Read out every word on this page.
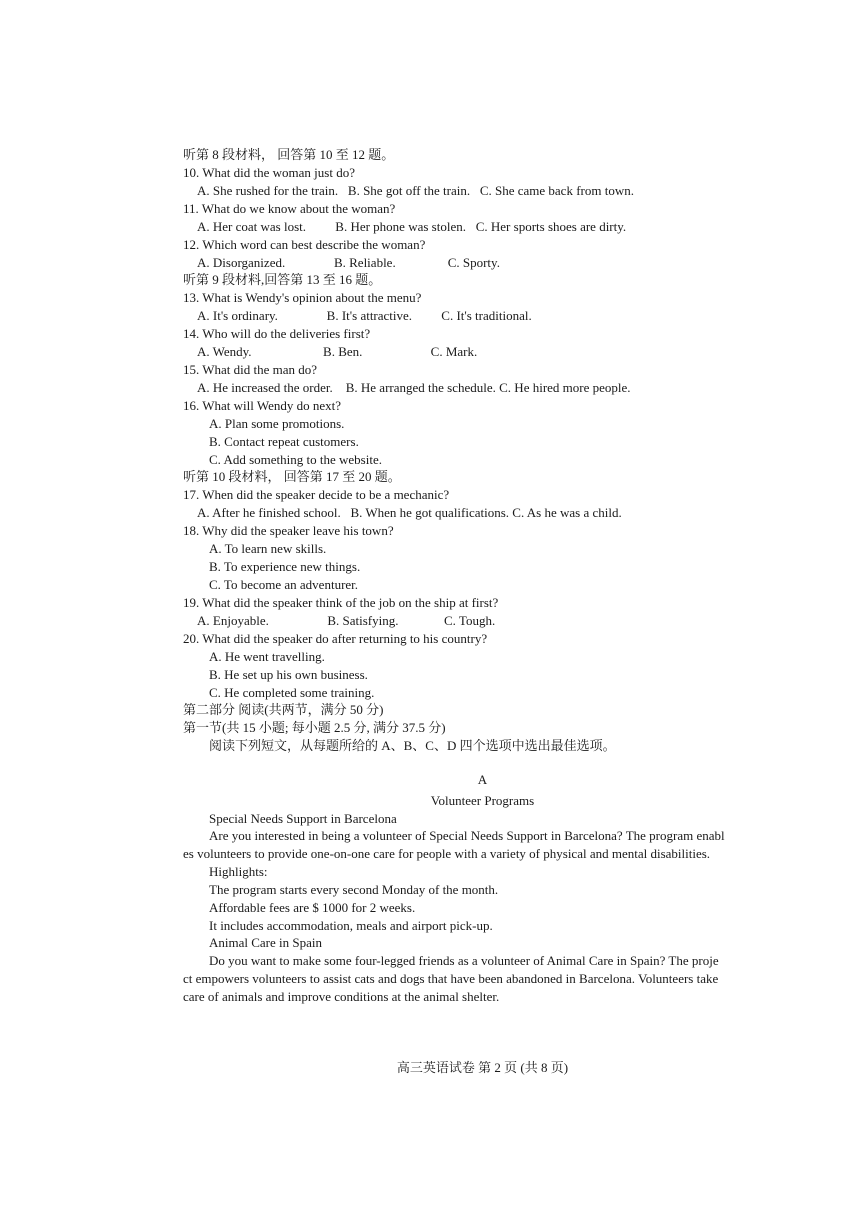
听第 8 段材料， 回答第 10 至 12 题。
10. What did the woman just do?
A. She rushed for the train.   B. She got off the train.   C. She came back from town.
11. What do we know about the woman?
A. Her coat was lost.         B. Her phone was stolen.   C. Her sports shoes are dirty.
12. Which word can best describe the woman?
A. Disorganized.               B. Reliable.                C. Sporty.
听第 9 段材料,回答第 13 至 16 题。
13. What is Wendy's opinion about the menu?
A. It's ordinary.               B. It's attractive.         C. It's traditional.
14. Who will do the deliveries first?
A. Wendy.                      B. Ben.                     C. Mark.
15. What did the man do?
A. He increased the order.    B. He arranged the schedule. C. He hired more people.
16. What will Wendy do next?
A. Plan some promotions.
B. Contact repeat customers.
C. Add something to the website.
听第 10 段材料， 回答第 17 至 20 题。
17. When did the speaker decide to be a mechanic?
A. After he finished school.   B. When he got qualifications. C. As he was a child.
18. Why did the speaker leave his town?
A. To learn new skills.
B. To experience new things.
C. To become an adventurer.
19. What did the speaker think of the job on the ship at first?
A. Enjoyable.                  B. Satisfying.              C. Tough.
20. What did the speaker do after returning to his country?
A. He went travelling.
B. He set up his own business.
C. He completed some training.
第二部分 阅读(共两节，满分 50 分)
第一节(共 15 小题; 每小题 2.5 分, 满分 37.5 分)
阅读下列短文，从每题所给的 A、B、C、D 四个选项中选出最佳选项。
A
Volunteer Programs
Special Needs Support in Barcelona
Are you interested in being a volunteer of Special Needs Support in Barcelona? The program enabl
es volunteers to provide one-on-one care for people with a variety of physical and mental disabilities.
Highlights:
The program starts every second Monday of the month.
Affordable fees are $ 1000 for 2 weeks.
It includes accommodation, meals and airport pick-up.
Animal Care in Spain
Do you want to make some four-legged friends as a volunteer of Animal Care in Spain? The proje
ct empowers volunteers to assist cats and dogs that have been abandoned in Barcelona. Volunteers take
care of animals and improve conditions at the animal shelter.
高三英语试卷 第 2 页 (共 8 页)
